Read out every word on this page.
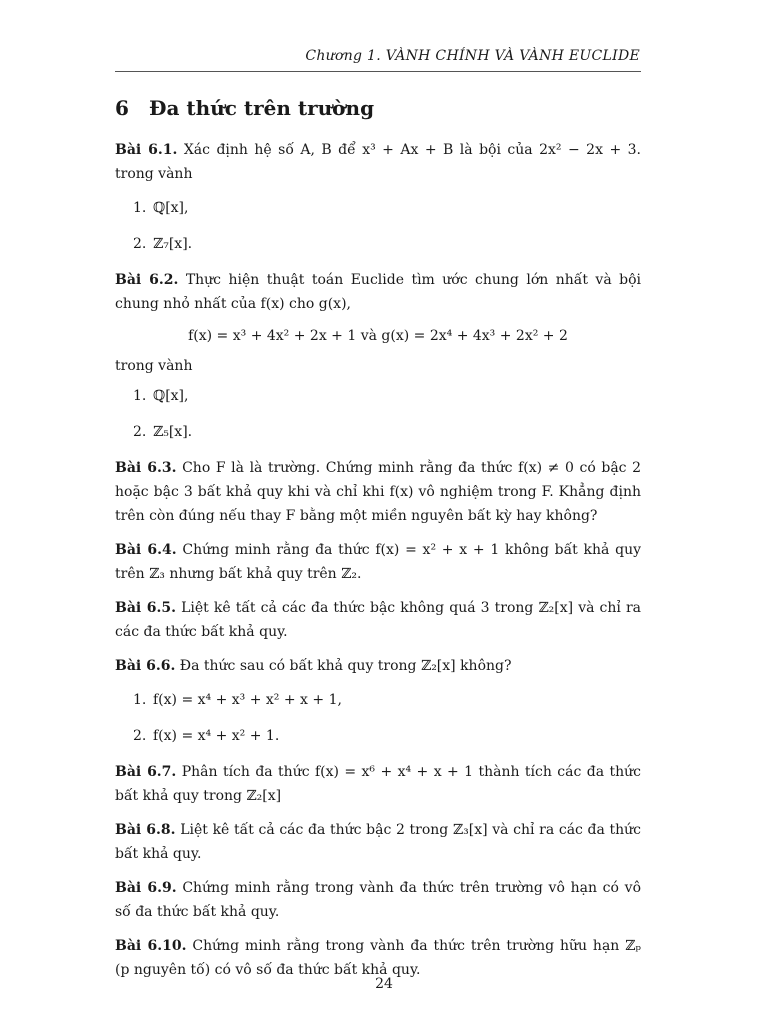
Chương 1. VÀNH CHÍNH VÀ VÀNH EUCLIDE
6	Đa thức trên trường

Bài 6.1. Xác định hệ số A, B để x³ + Ax + B là bội của 2x² − 2x + 3. trong vành

1. ℚ[x],
2. ℤ₇[x].

Bài 6.2. Thực hiện thuật toán Euclide tìm ước chung lớn nhất và bội chung nhỏ nhất của f(x) cho g(x),

f(x) = x³ + 4x² + 2x + 1 và g(x) = 2x⁴ + 4x³ + 2x² + 2

trong vành

1. ℚ[x],
2. ℤ₅[x].

Bài 6.3. Cho F là là trường. Chứng minh rằng đa thức f(x) ≠ 0 có bậc 2 hoặc bậc 3 bất khả quy khi và chỉ khi f(x) vô nghiệm trong F. Khẳng định trên còn đúng nếu thay F bằng một miền nguyên bất kỳ hay không?

Bài 6.4. Chứng minh rằng đa thức f(x) = x² + x + 1 không bất khả quy trên ℤ₃ nhưng bất khả quy trên ℤ₂.

Bài 6.5. Liệt kê tất cả các đa thức bậc không quá 3 trong ℤ₂[x] và chỉ ra các đa thức bất khả quy.

Bài 6.6. Đa thức sau có bất khả quy trong ℤ₂[x] không?

1. f(x) = x⁴ + x³ + x² + x + 1,
2. f(x) = x⁴ + x² + 1.

Bài 6.7. Phân tích đa thức f(x) = x⁶ + x⁴ + x + 1 thành tích các đa thức bất khả quy trong ℤ₂[x]

Bài 6.8. Liệt kê tất cả các đa thức bậc 2 trong ℤ₃[x] và chỉ ra các đa thức bất khả quy.

Bài 6.9. Chứng minh rằng trong vành đa thức trên trường vô hạn có vô số đa thức bất khả quy.

Bài 6.10. Chứng minh rằng trong vành đa thức trên trường hữu hạn ℤₚ (p nguyên tố) có vô số đa thức bất khả quy.

24
